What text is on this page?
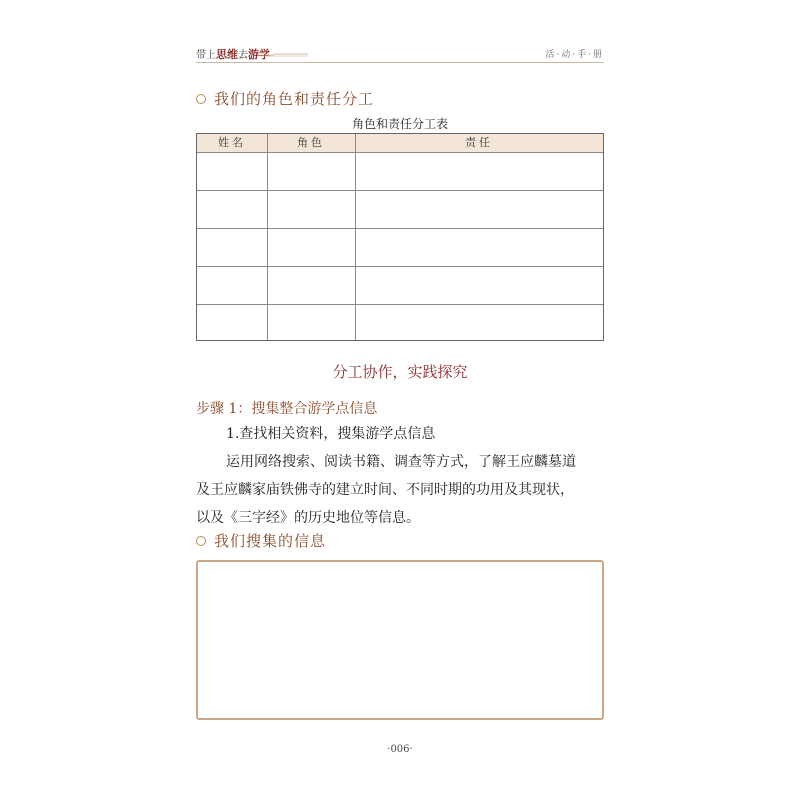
带上思维去游学	活·动·手·册
我们的角色和责任分工
角色和责任分工表
姓名	角色	责任
分工协作，实践探究
步骤 1：搜集整合游学点信息
1.查找相关资料，搜集游学点信息
运用网络搜索、阅读书籍、调查等方式，了解王应麟墓道
及王应麟家庙铁佛寺的建立时间、不同时期的功用及其现状，
以及《三字经》的历史地位等信息。
我们搜集的信息
·006·
